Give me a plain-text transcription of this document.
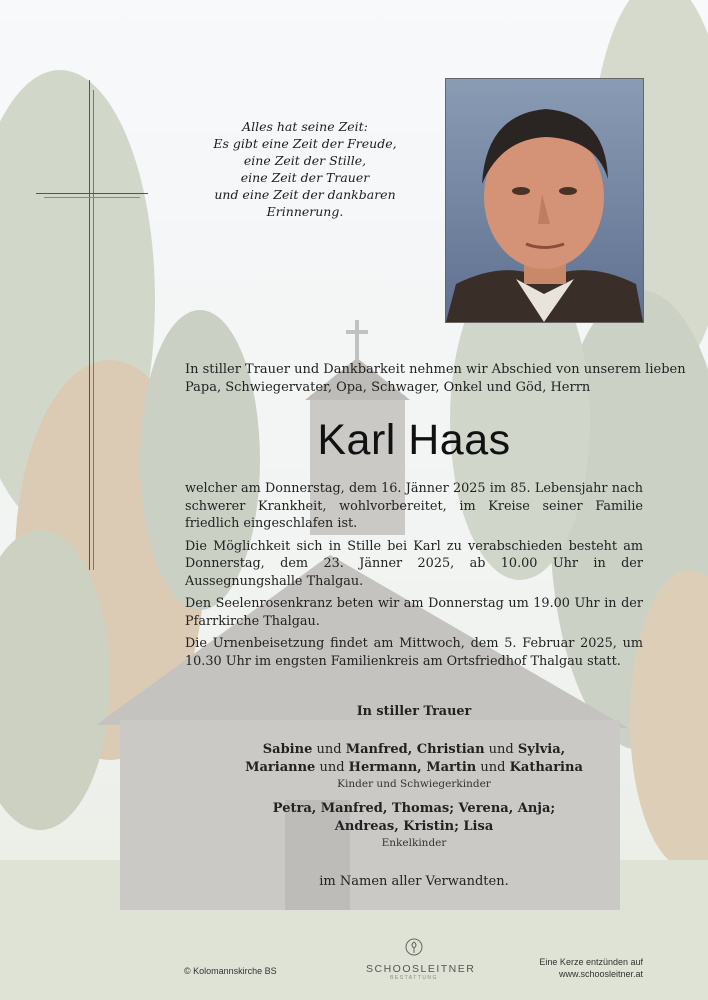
Alles hat seine Zeit:
Es gibt eine Zeit der Freude,
eine Zeit der Stille,
eine Zeit der Trauer
und eine Zeit der dankbaren
Erinnerung.
In stiller Trauer und Dankbarkeit nehmen wir Abschied von unserem lieben
Papa, Schwiegervater, Opa, Schwager, Onkel und Göd, Herrn
Karl Haas

welcher am Donnerstag, dem 16. Jänner 2025 im 85. Lebensjahr nach schwerer Krankheit, wohlvorbereitet, im Kreise seiner Familie friedlich eingeschlafen ist.

Die Möglichkeit sich in Stille bei Karl zu verabschieden besteht am Donnerstag, dem 23. Jänner 2025, ab 10.00 Uhr in der Aussegnungshalle Thalgau.

Den Seelenrosenkranz beten wir am Donnerstag um 19.00 Uhr in der Pfarrkirche Thalgau.

Die Urnenbeisetzung findet am Mittwoch, dem 5. Februar 2025, um 10.30 Uhr im engsten Familienkreis am Ortsfriedhof Thalgau statt.

In stiller Trauer
Sabine und Manfred, Christian und Sylvia,
Marianne und Hermann, Martin und Katharina
Kinder und Schwiegerkinder
Petra, Manfred, Thomas; Verena, Anja;
Andreas, Kristin; Lisa
Enkelkinder
im Namen aller Verwandten.
© Kolomannskirche BS	SCHOOSLEITNER
BESTATTUNG
Eine Kerze entzünden auf
www.schoosleitner.at
